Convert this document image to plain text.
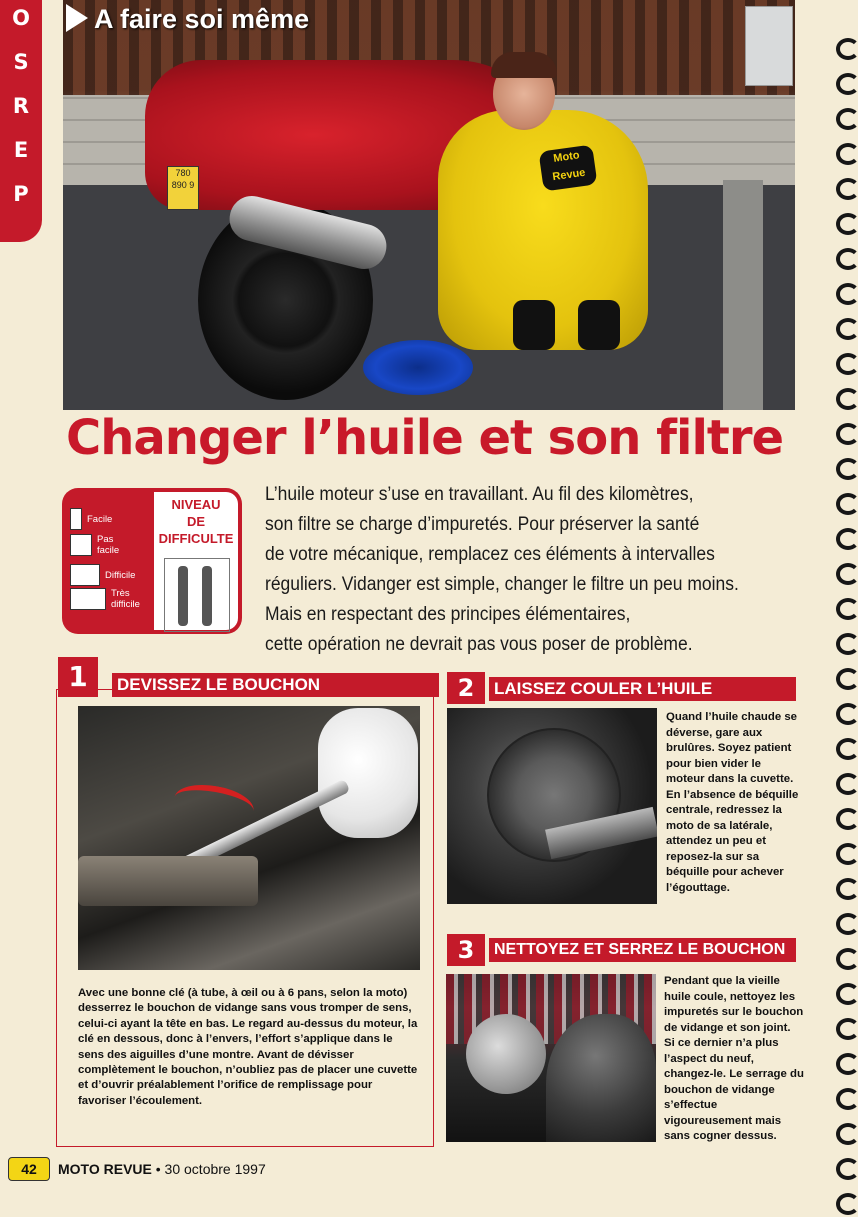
O
S
R
E
P
780
890 9
Moto Revue
A faire soi même
Changer l’huile et son filtre
Facile
Pas facile
Difficile
Très difficile
NIVEAU
DE
DIFFICULTE
L’huile moteur s’use en travaillant. Au fil des kilomètres,
son filtre se charge d’impuretés. Pour préserver la santé
de votre mécanique, remplacez ces éléments à intervalles
réguliers. Vidanger est simple, changer le filtre un peu moins.
Mais en respectant des principes élémentaires,
cette opération ne devrait pas vous poser de problème.
1	DEVISSEZ LE BOUCHON
Avec une bonne clé (à tube, à œil ou à 6 pans, selon la moto) desserrez le bouchon de vidange sans vous tromper de sens, celui-ci ayant la tête en bas. Le regard au-dessus du moteur, la clé en dessous, donc à l’envers, l’effort s’applique dans le sens des aiguilles d’une montre. Avant de dévisser complètement le bouchon, n’oubliez pas de placer une cuvette et d’ouvrir préalablement l’orifice de remplissage pour favoriser l’écoulement.
2	LAISSEZ COULER L’HUILE
Quand l’huile chaude se déverse, gare aux brulûres. Soyez patient pour bien vider le moteur dans la cuvette. En l’absence de béquille centrale, redressez la moto de sa latérale, attendez un peu et reposez-la sur sa béquille pour achever l’égouttage.
3	NETTOYEZ ET SERREZ LE BOUCHON
Pendant que la vieille huile coule, nettoyez les impuretés sur le bouchon de vidange et son joint. Si ce dernier n’a plus l’aspect du neuf, changez-le. Le serrage du bouchon de vidange s’effectue vigoureusement mais sans cogner dessus.
42	MOTO REVUE • 30 octobre 1997
